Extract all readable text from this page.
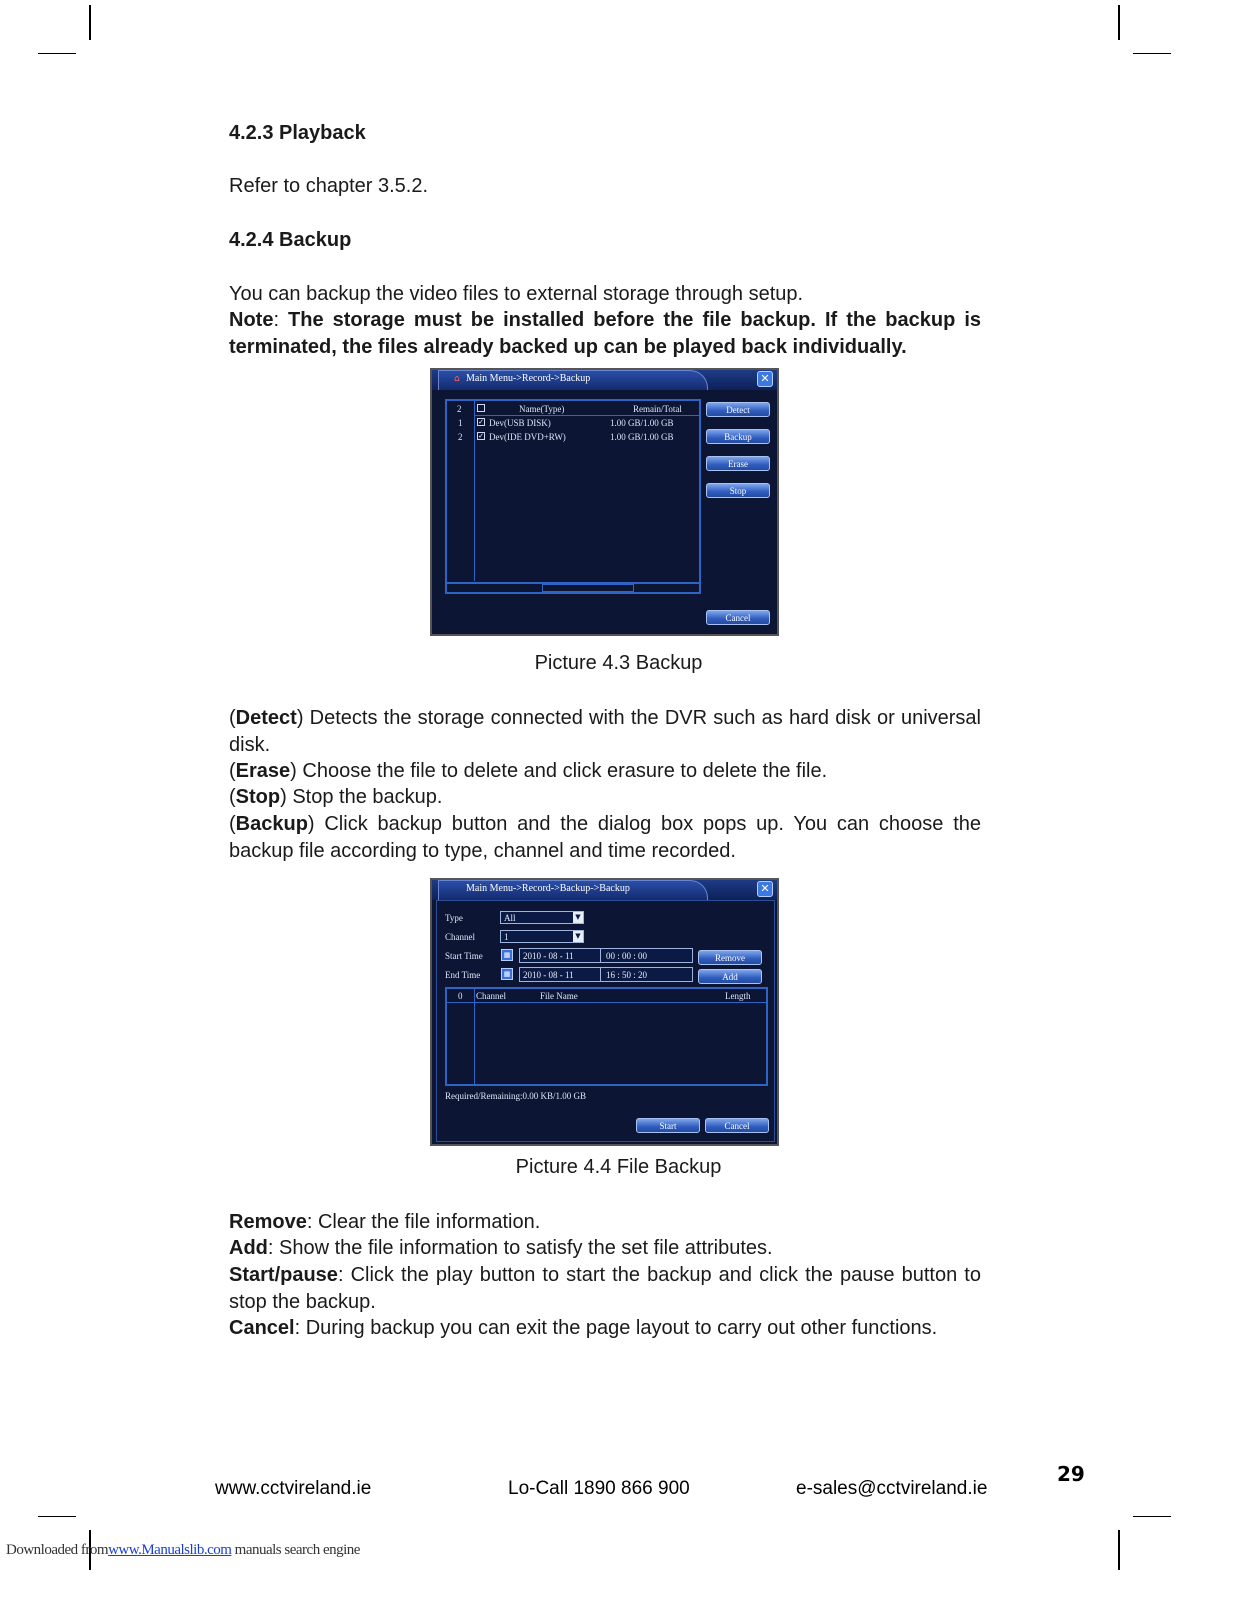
4.2.3 Playback
Refer to chapter 3.5.2.
4.2.4 Backup
You can backup the video files to external storage through setup.
Note: The storage must be installed before the file backup. If the backup is terminated, the files already backed up can be played back individually.
⌂ Main Menu->Record->Backup	✕
2	Name(Type)	Remain/Total
1 ✓ Dev(USB DISK)	1.00 GB/1.00 GB
2 ✓ Dev(IDE DVD+RW)	1.00 GB/1.00 GB
Detect
Backup
Erase
Stop
Cancel
Picture 4.3 Backup
(Detect) Detects the storage connected with the DVR such as hard disk or universal disk.
(Erase) Choose the file to delete and click erasure to delete the file.
(Stop) Stop the backup.
(Backup) Click backup button and the dialog box pops up. You can choose the backup file according to type, channel and time recorded.
Main Menu->Record->Backup->Backup	✕
Type	All	▼
Channel	1	▼
Start Time	▦ 2010 - 08 - 11	00 : 00 : 00	Remove
End Time	▦ 2010 - 08 - 11	16 : 50 : 20	Add
0 Channel	File Name	Length
Required/Remaining:0.00 KB/1.00 GB
Start	Cancel
Picture 4.4 File Backup
Remove: Clear the file information.
Add: Show the file information to satisfy the set file attributes.
Start/pause: Click the play button to start the backup and click the pause button to stop the backup.
Cancel: During backup you can exit the page layout to carry out other functions.
29
www.cctvireland.ie	Lo-Call 1890 866 900	e-sales@cctvireland.ie
Downloaded fromwww.Manualslib.com manuals search engine
